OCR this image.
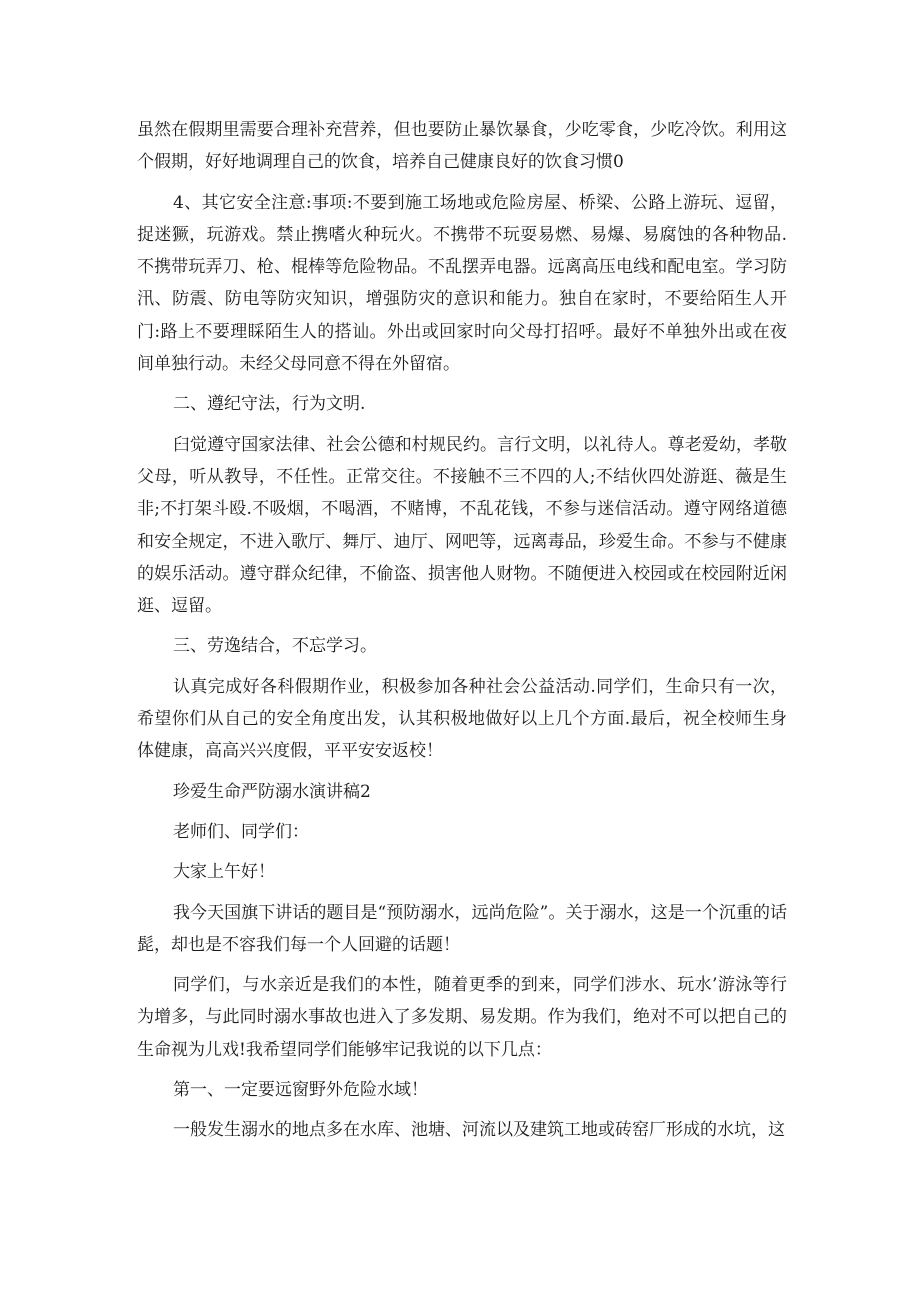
虽然在假期里需要合理补充营养，但也要防止暴饮暴食，少吃零食，少吃冷饮。利用这个假期，好好地调理自己的饮食，培养自己健康良好的饮食习惯0

4、其它安全注意:事项:不要到施工场地或危险房屋、桥梁、公路上游玩、逗留，捉迷獗，玩游戏。禁止携嗜火种玩火。不携带不玩耍易燃、易爆、易腐蚀的各种物品.不携带玩弄刀、枪、棍棒等危险物品。不乱摆弄电器。远离高压电线和配电室。学习防汛、防震、防电等防灾知识，增强防灾的意识和能力。独自在家时，不要给陌生人开门:路上不要理睬陌生人的搭讪。外出或回家时向父母打招呼。最好不单独外出或在夜间单独行动。未经父母同意不得在外留宿。

二、遵纪守法，行为文明.

臼觉遵守国家法律、社会公德和村规民约。言行文明，以礼待人。尊老爱幼，孝敬父母，听从教导，不任性。正常交往。不接触不三不四的人;不结伙四处游逛、薇是生非;不打架斗殴.不吸烟，不喝酒，不赌博，不乱花钱，不参与迷信活动。遵守网络道德和安全规定，不进入歌厅、舞厅、迪厅、网吧等，远离毒品，珍爱生命。不参与不健康的娱乐活动。遵守群众纪律，不偷盗、损害他人财物。不随便进入校园或在校园附近闲逛、逗留。

三、劳逸结合，不忘学习。

认真完成好各科假期作业，积极参加各种社会公益活动.同学们，生命只有一次，希望你们从自己的安全角度出发，认其积极地做好以上几个方面.最后，祝全校师生身体健康，高高兴兴度假，平平安安返校！

珍爱生命严防溺水演讲稿2

老师们、同学们：

大家上午好！

我今天国旗下讲话的题目是“预防溺水，远尚危险”。关于溺水，这是一个沉重的话髭，却也是不容我们每一个人回避的话题！

同学们，与水亲近是我们的本性，随着更季的到来，同学们涉水、玩水’游泳等行为增多，与此同时溺水事故也进入了多发期、易发期。作为我们，绝对不可以把自己的生命视为儿戏!我希望同学们能够牢记我说的以下几点：

第一、一定要远窗野外危险水域！

一般发生溺水的地点多在水库、池塘、河流以及建筑工地或砖窑厂形成的水坑，这
